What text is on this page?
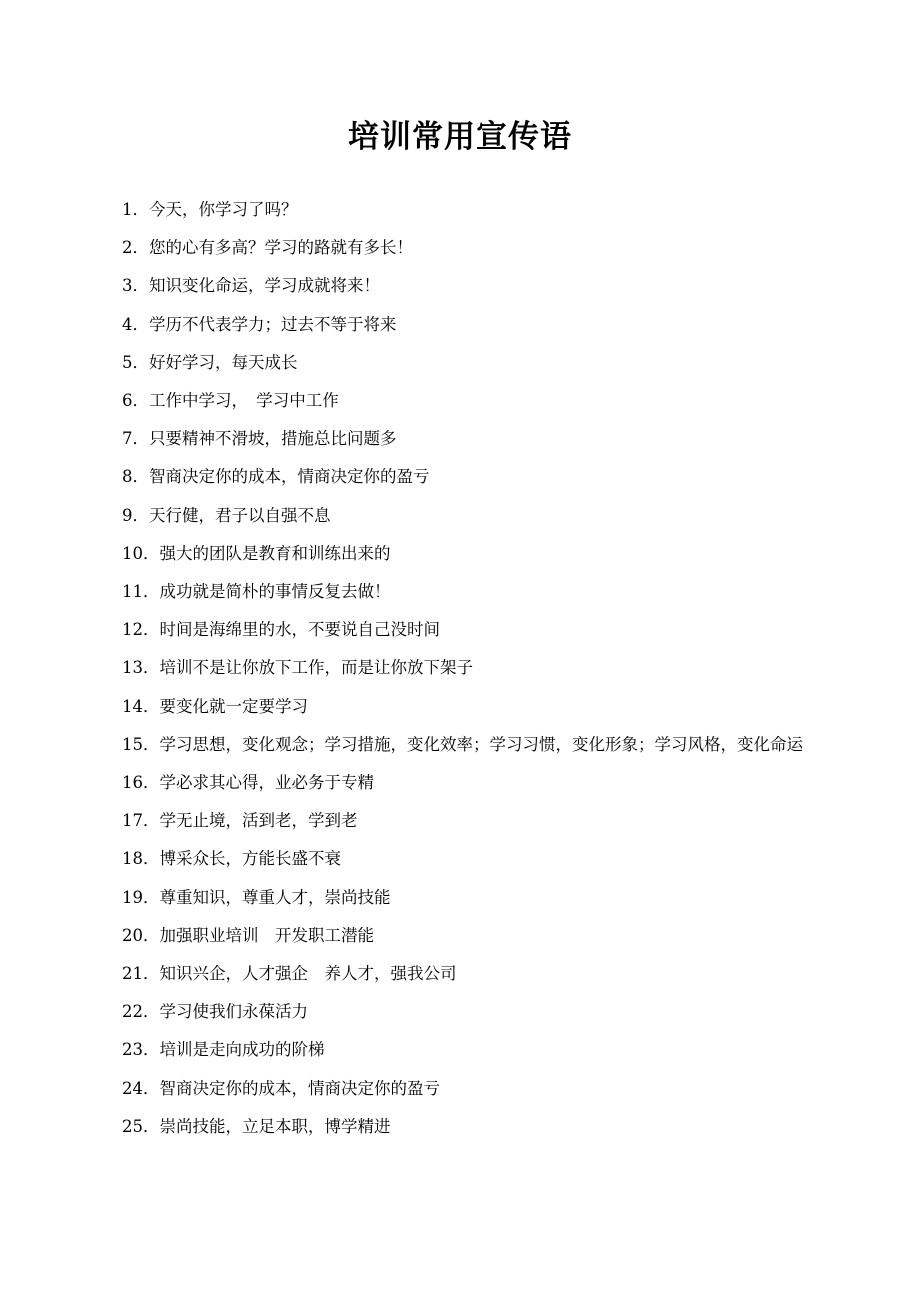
培训常用宣传语
1．今天，你学习了吗？
2．您的心有多高？学习的路就有多长！
3．知识变化命运，学习成就将来！
4．学历不代表学力；过去不等于将来
5．好好学习，每天成长
6．工作中学习，　学习中工作
7．只要精神不滑坡，措施总比问题多
8．智商决定你的成本，情商决定你的盈亏
9．天行健，君子以自强不息
10．强大的团队是教育和训练出来的
11．成功就是简朴的事情反复去做！
12．时间是海绵里的水，不要说自己没时间
13．培训不是让你放下工作，而是让你放下架子
14．要变化就一定要学习
15．学习思想，变化观念；学习措施，变化效率；学习习惯，变化形象；学习风格，变化命运
16．学必求其心得，业必务于专精
17．学无止境，活到老，学到老
18．博采众长，方能长盛不衰
19．尊重知识，尊重人才，崇尚技能
20．加强职业培训　开发职工潜能
21．知识兴企，人才强企　养人才，强我公司
22．学习使我们永葆活力
23．培训是走向成功的阶梯
24．智商决定你的成本，情商决定你的盈亏
25．崇尚技能，立足本职，博学精进
